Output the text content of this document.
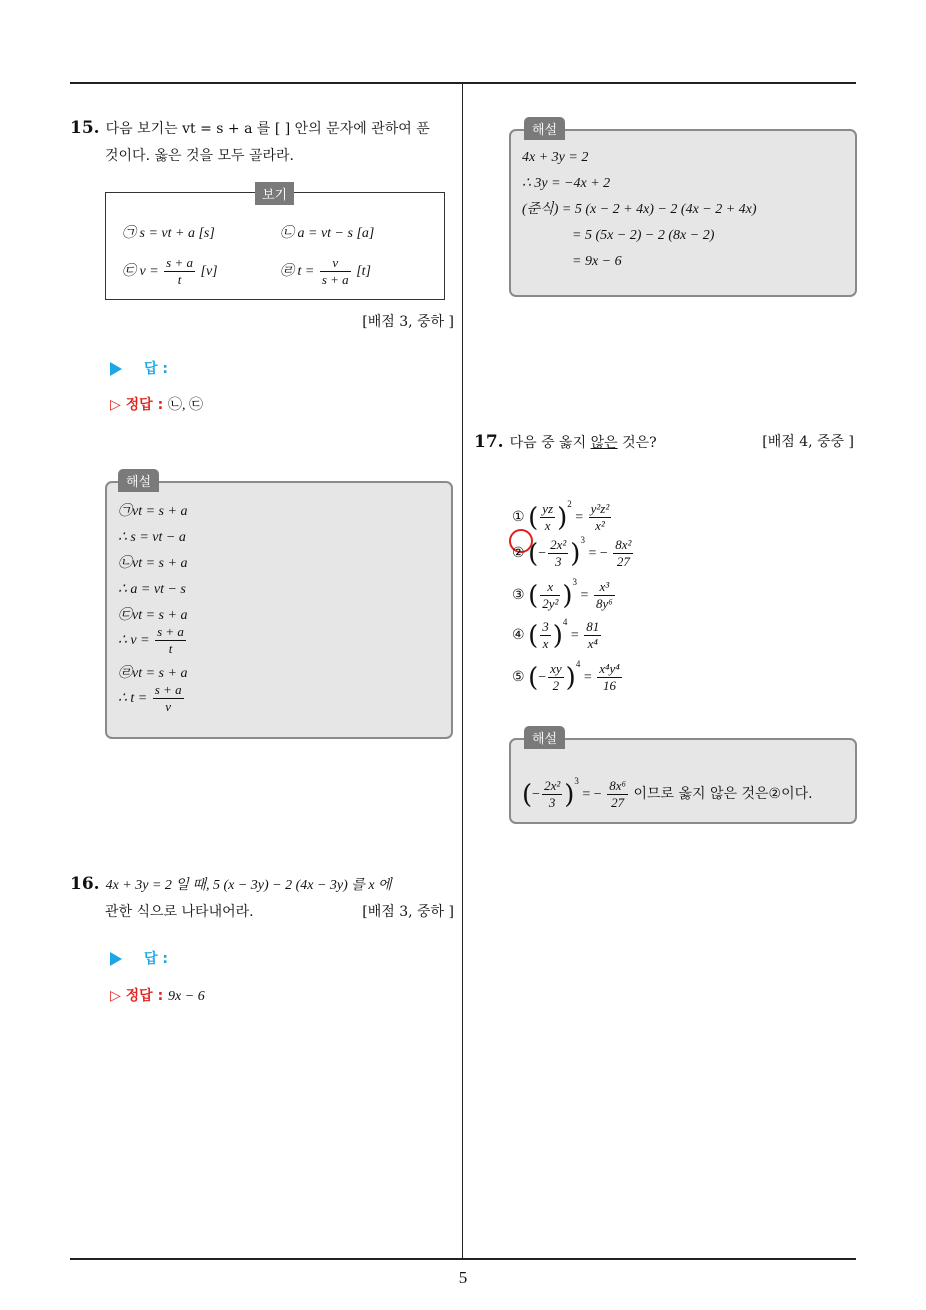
15. 다음 보기는 vt = s + a 를 [ ] 안의 문자에 관하여 푼
것이다. 옳은 것을 모두 골라라.
보기
㉠ s = vt + a [s]	㉡ a = vt − s [a]
㉢ $v = \frac{s + a}{t} [v]$	㉣ $t = \frac{v}{s + a} [t]$
[배점 3, 중하 ]
답 :
▷ 정답 : ㉡, ㉢
해설
㉠vt = s + a
∴ s = vt − a
㉡vt = s + a
∴ a = vt − s
㉢vt = s + a
∴ $v = \frac{s + a}{t}$
㉣vt = s + a
∴ $t = \frac{s + a}{v}$
16. 4x + 3y = 2 일 때, 5 (x − 3y) − 2 (4x − 3y) 를 x 에
관한 식으로 나타내어라.	[배점 3, 중하 ]
답 :
▷ 정답 : 9x − 6
해설
4x + 3y = 2
∴ 3y = −4x + 2
(준식) = 5 (x − 2 + 4x) − 2 (4x − 2 + 4x)
= 5 (5x − 2) − 2 (8x − 2)
= 9x − 6
17. 다음 중 옳지 않은 것은?	[배점 4, 중중 ]
① ( $\frac{yz}{x} )^2 = \frac{\text{y²z²}}{\text{x²}}$
② (− $\frac{\text{2x²}}{3} )^3$ = − $\frac{\text{8x²}}{27}$
③ ( $\frac{x}{\text{2y²}} )^3 = \frac{\text{x³}}{\text{8y⁶}}$
④ ( $\frac{3}{x} )^4 = \frac{81}{\text{x⁴}}$
⑤ (− $\frac{xy}{2} )^4 = \frac{\text{x⁴y⁴}}{16}$
해설
(− $\frac{\text{2x²}}{3} )^3$ = − $\frac{\text{8x⁶}}{27}$ 이므로 옳지 않은 것은②이다.
5
